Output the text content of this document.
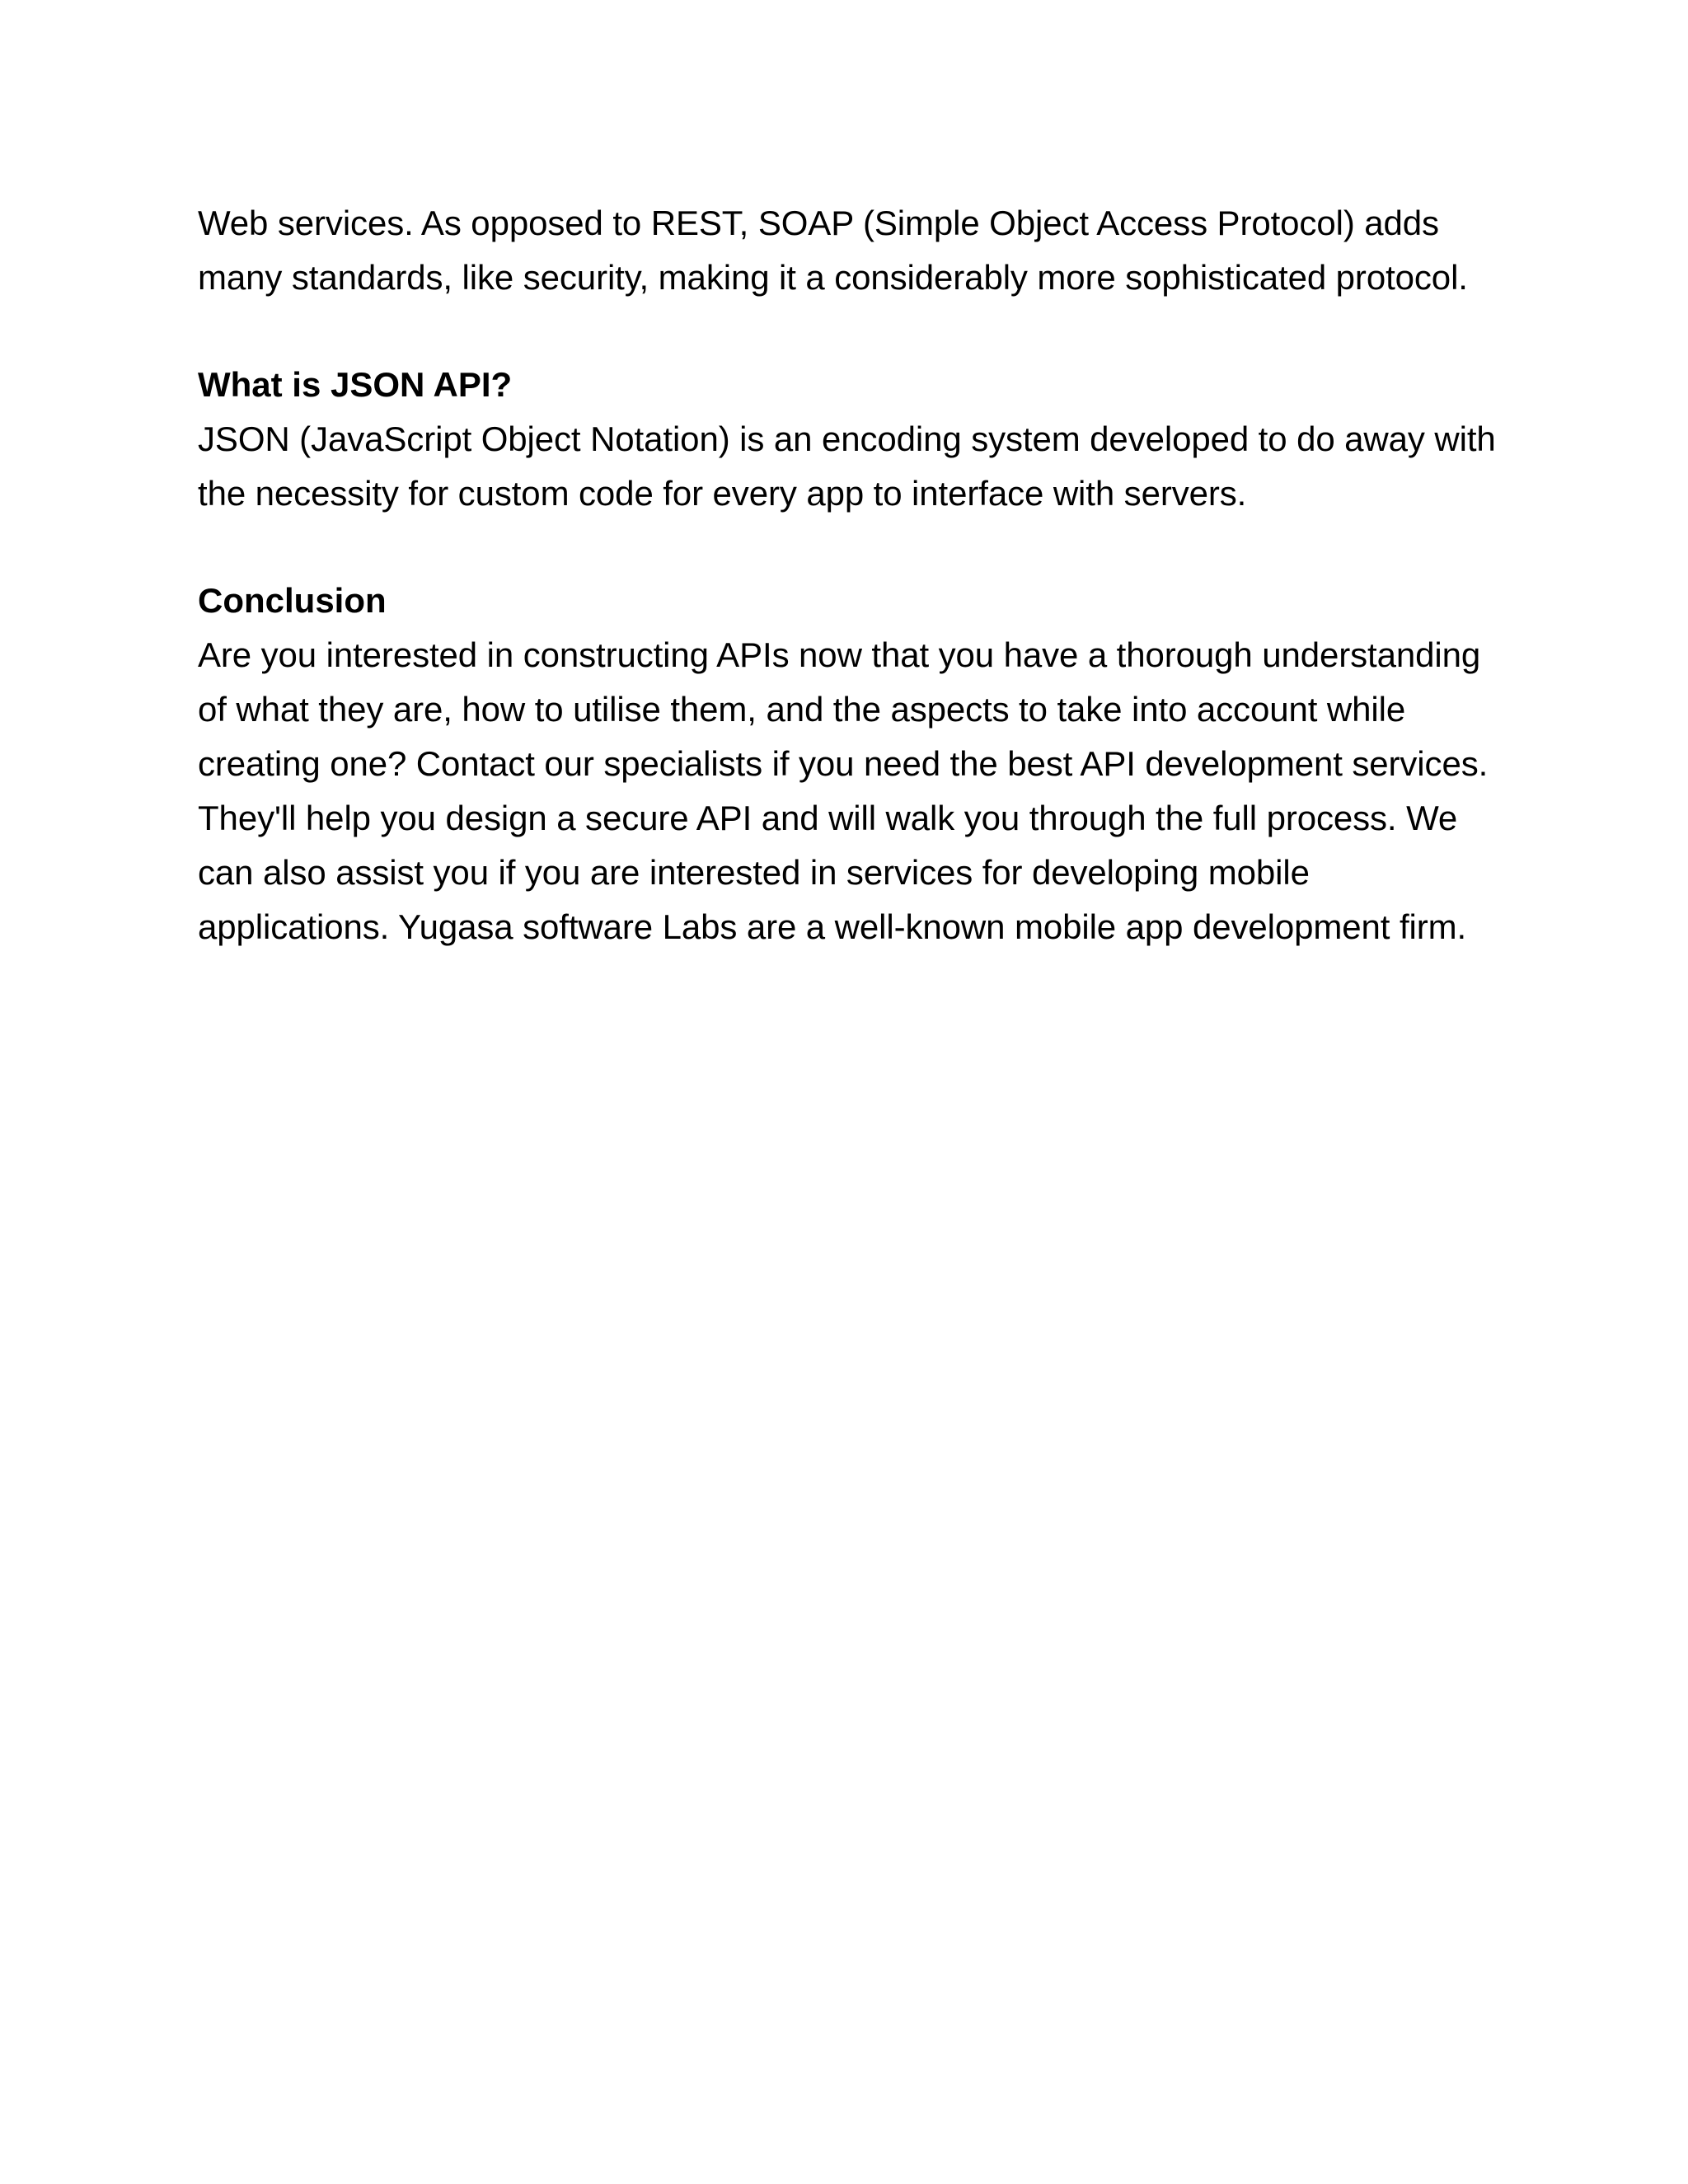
Web services. As opposed to REST, SOAP (Simple Object Access Protocol) adds many standards, like security, making it a considerably more sophisticated protocol.

What is JSON API?

JSON (JavaScript Object Notation) is an encoding system developed to do away with the necessity for custom code for every app to interface with servers.

Conclusion

Are you interested in constructing APIs now that you have a thorough understanding of what they are, how to utilise them, and the aspects to take into account while creating one? Contact our specialists if you need the best API development services. They'll help you design a secure API and will walk you through the full process. We can also assist you if you are interested in services for developing mobile applications. Yugasa software Labs are a well-known mobile app development firm.
